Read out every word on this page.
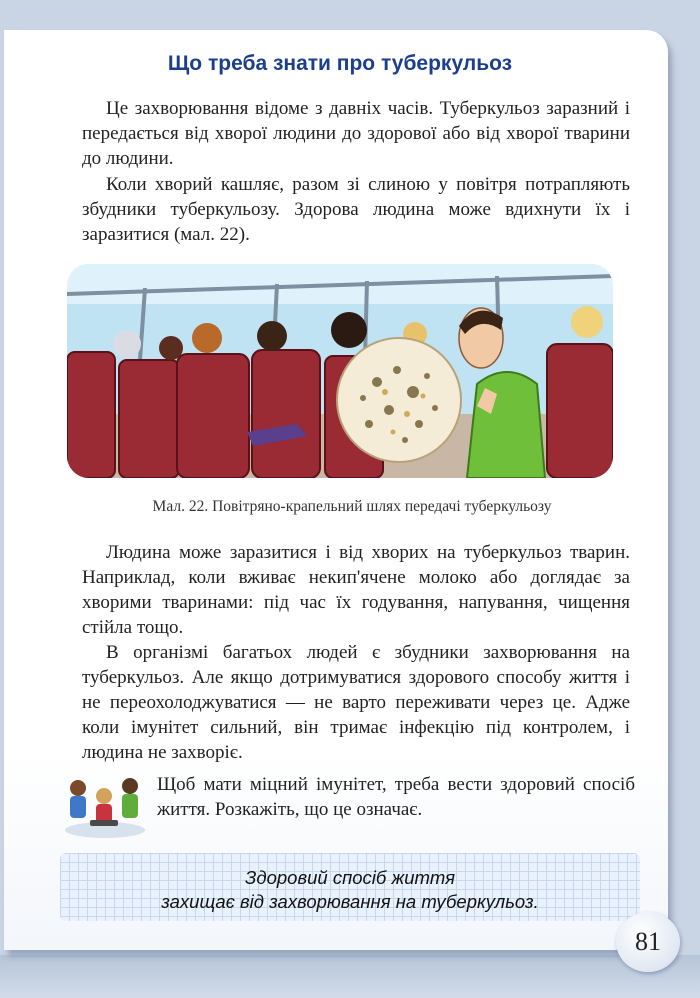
Що треба знати про туберкульоз

Це захворювання відоме з давніх часів. Туберкульоз заразний і передається від хворої людини до здорової або від хворої тварини до людини.

Коли хворий кашляє, разом зі слиною у повітря потрапляють збудники туберкульозу. Здорова людина може вдихнути їх і заразитися (мал. 22).

Мал. 22. Повітряно-крапельний шлях передачі туберкульозу

Людина може заразитися і від хворих на туберкульоз тварин. Наприклад, коли вживає некип'ячене молоко або доглядає за хворими тваринами: під час їх годування, напування, чищення стійла тощо.

В організмі багатьох людей є збудники захворювання на туберкульоз. Але якщо дотримуватися здорового способу життя і не переохолоджуватися — не варто переживати через це. Адже коли імунітет сильний, він тримає інфекцію під контролем, і людина не захворіє.

Щоб мати міцний імунітет, треба вести здоровий спосіб життя. Розкажіть, що це означає.

Здоровий спосіб життя
захищає від захворювання на туберкульоз.

81
